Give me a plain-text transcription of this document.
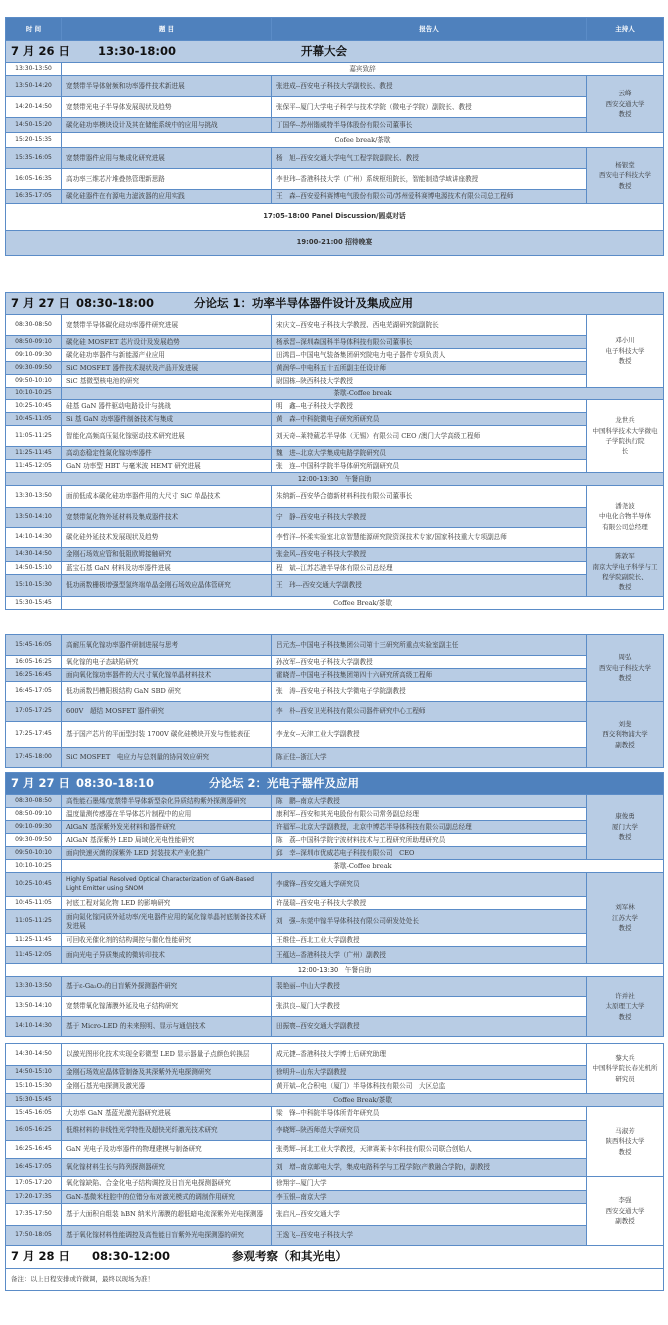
时 间	题 目	报告人	主持人
7 月 26 日 13:30-18:00 开幕大会			
13:30-13:50	嘉宾致辞		
13:50-14:20	宽禁带半导体射频和功率器件技术新进展	张进成--西安电子科技大学副校长、教授	云峰
西安交通大学
教授
14:20-14:50	宽禁带光电子半导体发展现状及趋势	张保平--厦门大学电子科学与技术学院（微电子学院）副院长、教授	
14:50-15:20	碳化硅功率模块设计及其在储能系统中的应用与挑战	丁国华--苏州锴威特半导体股份有限公司董事长	
15:20-15:35	Cofee break/茶歇		
15:35-16:05	宽禁带器件应用与集成化研究进展	杨　旭--西安交通大学电气工程学院副院长、教授	杨银堂
西安电子科技大学
教授
16:05-16:35	高功率三维芯片堆叠热管理新思路	李世玮--香港科技大学（广州）系统枢纽院长，智能制造学域讲座教授	
16:35-17:05	碳化硅器件在有源电力滤波器的应用实践	王　森--西安爱科赛博电气股份有限公司/苏州爱科赛博电源技术有限公司总工程师	
17:05-18:00 Panel Discussion/圆桌对话			
19:00-21:00 招待晚宴			
7 月 27 日 08:30-18:00 分论坛 1：功率半导体器件设计及集成应用			
08:30-08:50	宽禁带半导体碳化硅功率器件研究进展	宋庆文--西安电子科技大学教授、西电芜湖研究院副院长	邓小川
电子科技大学
教授
08:50-09:10	碳化硅 MOSFET 芯片设计及发展趋势	杨承晋--深圳森国科半导体科技有限公司董事长	
09:10-09:30	碳化硅功率器件与新能源产业应用	田鸿昌--中国电气装备集团研究院电力电子器件专项负责人	
09:30-09:50	SiC MOSFET 器件技术现状及产品开发进展	黄润华--中电科五十五所副主任设计师	
09:50-10:10	SiC 基微型核电池的研究	尉国栋--陕西科技大学教授	
10:10-10:25	茶歇-Coffee break		
10:25-10:45	硅基 GaN 器件驱动电路设计与挑战	明　鑫--电子科技大学教授	龙世兵
中国科学技术大学微电子学院执行院
长
10:45-11:05	Si 基 GaN 功率器件制备技术与集成	黄　森--中科院微电子研究所研究员	
11:05-11:25	智能化高频高压氮化镓驱动技术研究进展	刘天奇--莱特葳芯半导体（无锡）有限公司 CEO /澳门大学高级工程师	
11:25-11:45	高动态稳定性氮化镓功率器件	魏　进--北京大学集成电路学院研究员	
11:45-12:05	GaN 功率型 HBT 与毫米波 HEMT 研究进展	张　连--中国科学院半导体研究所副研究员	
12:00-13:30　午餐自助			
13:30-13:50	面前低成本碳化硅功率器件用的大尺寸 SiC 单晶技术	朱纳新--西安华合德新材料科技有限公司董事长	潘尧波
中电化合物半导体
有限公司总经理
13:50-14:10	宽禁带氮化物外延材料及集成器件技术	宁　静--西安电子科技大学教授	
14:10-14:30	碳化硅外延技术发展现状及趋势	李哲洋--怀柔实验室北京智慧能源研究院资深技术专家/国家科技重大专项副总师	
14:30-14:50	金刚石场效应管和低阻欧姆接触研究	张金风--西安电子科技大学教授	陈敦军
南京大学电子科学与工程学院副院长、
教授
14:50-15:10	蓝宝石基 GaN 材料及功率器件进展	程　斌--江苏芯港半导体有限公司总经理	
15:10-15:30	低功函数栅极增强型氢终端单晶金刚石场效应晶体管研究	王　玮---西安交通大学副教授	
15:30-15:45	Coffee Break/茶歇		
15:45-16:05	高耐压氧化镓功率器件研制进展与思考	吕元杰--中国电子科技集团公司第十三研究所重点实验室副主任	周弘
西安电子科技大学
教授
16:05-16:25	氧化镓的电子态缺陷研究	孙汝军--西安电子科技大学副教授	
16:25-16:45	面向氧化镓功率器件的大尺寸氧化镓单晶材料技术	霍晓青--中国电子科技集团第四十六研究所高级工程师	
16:45-17:05	低功函数凹槽阳极结构 GaN SBD 研究	张　涛--西安电子科技大学微电子学院副教授	
17:05-17:25	600V　超结 MOSFET 器件研究	李　朴--西安卫光科技有限公司器件研究中心工程师	刘斐
西交利物浦大学
副教授
17:25-17:45	基于国产芯片的平面型封装 1700V 碳化硅模块开发与性能表征	李龙女--天津工业大学副教授	
17:45-18:00	SiC MOSFET　电应力与总剂量的协同效应研究	陈正佳--浙江大学	
7 月 27 日 08:30-18:10 分论坛 2：光电子器件及应用			
08:30-08:50	高性能石墨烯/宽禁带半导体新型杂化异质结构紫外探测器研究	陈　鹏--南京大学教授	康俊勇
厦门大学
教授
08:50-09:10	温度量测传感器在半导体芯片制程中的应用	康利军--西安和其光电股份有限公司常务副总经理	
09:10-09:30	AlGaN 基深紫外发光材料和器件研究	许福军--北京大学副教授，北京中博芯半导体科技有限公司副总经理	
09:30-09:50	AlGaN 基深紫外 LED 局域化光电性能研究	陈　荔--中国科学院宁波材料技术与工程研究所助理研究员	
09:50-10:10	面向快速灭菌的深紫外 LED 封装技术产业化推广	邱　幸--深圳市优威芯电子科技有限公司　CEO	
10:10-10:25	茶歇-Coffee break		
10:25-10:45	Highly Spatial Resolved Optical Characterization of GaN-Based Light Emitter using SNOM	李虞锋--西安交通大学研究员	刘军林
江苏大学
教授
10:45-11:05	衬底工程对氮化物 LED 的影响研究	许晟瑞--西安电子科技大学教授	
11:05-11:25	面向氮化镓同质外延功率/光电器件应用的氮化镓单晶衬底制备技术研发进展	刘　强--东莞中镓半导体科技有限公司研发处处长	
11:25-11:45	可回收光催化剂的结构调控与催化性能研究	王维佳--西北工业大学副教授	
11:45-12:05	面向光电子异质集成的微转印技术	王蕴达--香港科技大学（广州）副教授	
12:00-13:30　午餐自助			
13:30-13:50	基于ε-Ga₂O₃的日盲紫外探测器件研究	裴艳丽--中山大学教授	许并社
太原理工大学
教授
13:50-14:10	宽禁带氧化镓薄膜外延及电子结构研究	张洪良--厦门大学教授	
14:10-14:30	基于 Micro-LED 的未来照明、显示与通信技术	田振寰--西安交通大学副教授	
14:30-14:50	以激光图形化技术实现全彩微型 LED 显示器量子点颜色转换层	成元捷--香港科技大学博士后研究助理	黎大兵
中国科学院长春光机所研究员

14:50-15:10	金刚石场效应晶体管制备及其深紫外光电探测研究	徐明升--山东大学副教授	
15:10-15:30	金刚石基光电探测及激光器	黄开斌--化合积电（厦门）半导体科技有限公司　大区总监	
15:30-15:45	Coffee Break/茶歇		
15:45-16:05	大功率 GaN 基蓝光激光器研究进展	梁　锋--中科院半导体所青年研究员	马淑芳
陕西科技大学
教授
16:05-16:25	低维材料的非线性光学特性及超快光纤激光技术研究	李晓辉--陕西师范大学研究员	
16:25-16:45	GaN 光电子及功率器件的物理建模与制备研究	张勇辉--河北工业大学教授，天津赛莱卡尔科技有限公司联合创始人	
16:45-17:05	氧化镓材料生长与阵列探测器研究	刘　增--南京邮电大学，集成电路科学与工程学院(产教融合学院)，副教授	
17:05-17:20	氧化镓缺陷、合金化电子结构调控及日盲光电探测器研究	徐翔宇--厦门大学	李强
西安交通大学
副教授
17:20-17:35	GaN-基微米柱腔中的位错分布对激光模式的调制作用研究	李玉银--南京大学	
17:35-17:50	基于大面积自组装 hBN 纳米片薄膜的超低暗电流深紫外光电探测器	张启凡--西安交通大学	
17:50-18:05	基于氧化镓材料性能调控及高性能日盲紫外光电探测器的研究	王逸飞--西安电子科技大学	
7 月 28 日 08:30-12:00 参观考察（和其光电）			
备注：以上日程安排或许微调，最终以现场为准！			
